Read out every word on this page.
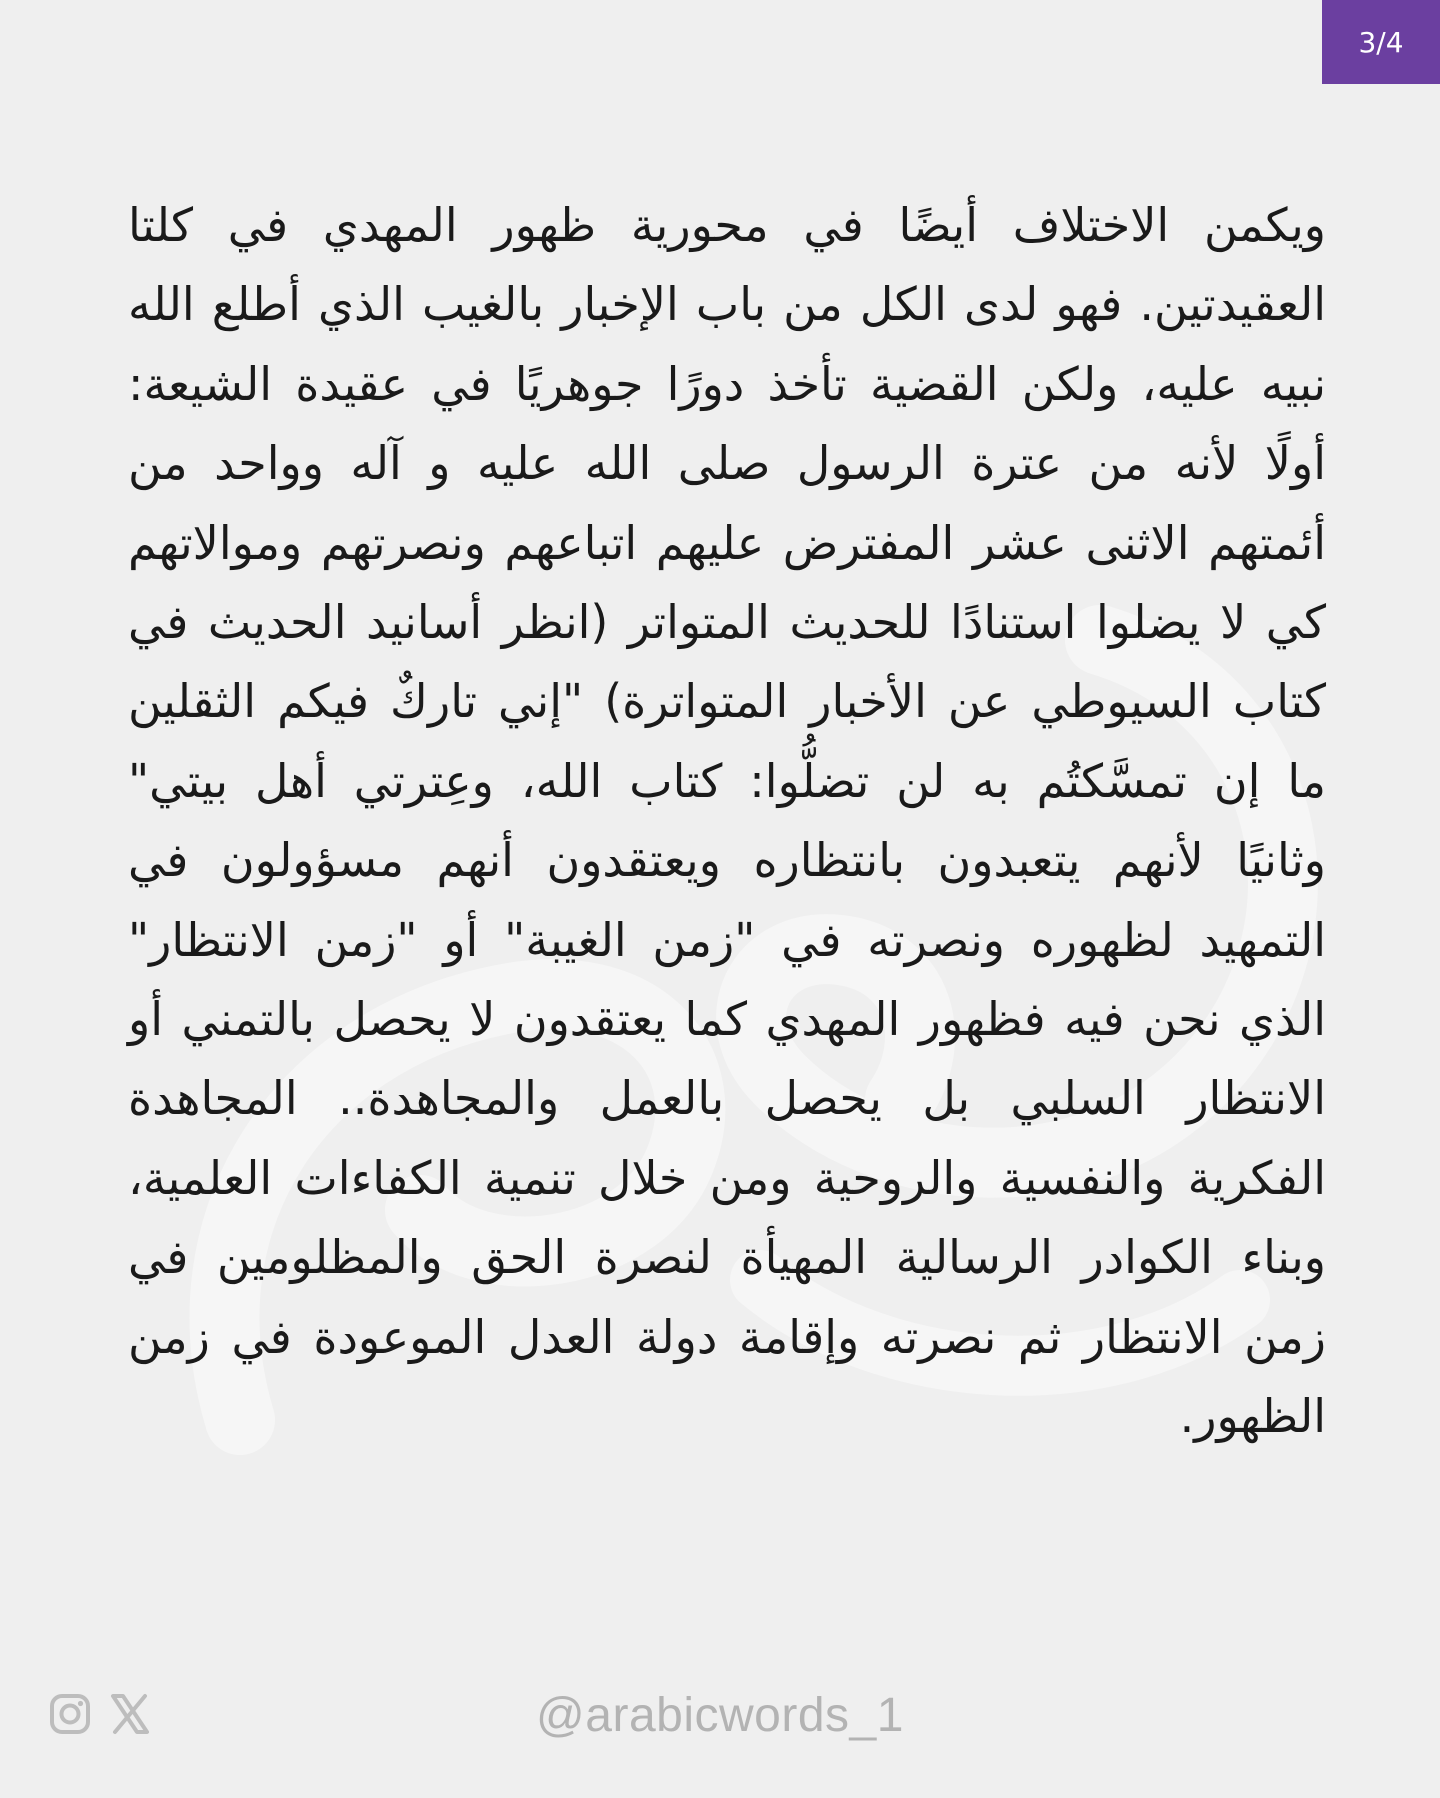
3/4

ويكمن الاختلاف أيضًا في محورية ظهور المهدي في كلتا العقيدتين. فهو لدى الكل من باب الإخبار بالغيب الذي أطلع الله نبيه عليه، ولكن القضية تأخذ دورًا جوهريًا في عقيدة الشيعة: أولًا لأنه من عترة الرسول صلى الله عليه و آله وواحد من أئمتهم الاثنى عشر المفترض عليهم اتباعهم ونصرتهم وموالاتهم كي لا يضلوا استنادًا للحديث المتواتر (انظر أسانيد الحديث في كتاب السيوطي عن الأخبار المتواترة) "إني تاركٌ فيكم الثقلين ما إن تمسَّكتُم به لن تضلُّوا: كتاب الله، وعِترتي أهل بيتي" وثانيًا لأنهم يتعبدون بانتظاره ويعتقدون أنهم مسؤولون في التمهيد لظهوره ونصرته في "زمن الغيبة" أو "زمن الانتظار" الذي نحن فيه فظهور المهدي كما يعتقدون لا يحصل بالتمني أو الانتظار السلبي بل يحصل بالعمل والمجاهدة.. المجاهدة الفكرية والنفسية والروحية ومن خلال تنمية الكفاءات العلمية، وبناء الكوادر الرسالية المهيأة لنصرة الحق والمظلومين في زمن الانتظار ثم نصرته وإقامة دولة العدل الموعودة في زمن الظهور.

@arabicwords_1
